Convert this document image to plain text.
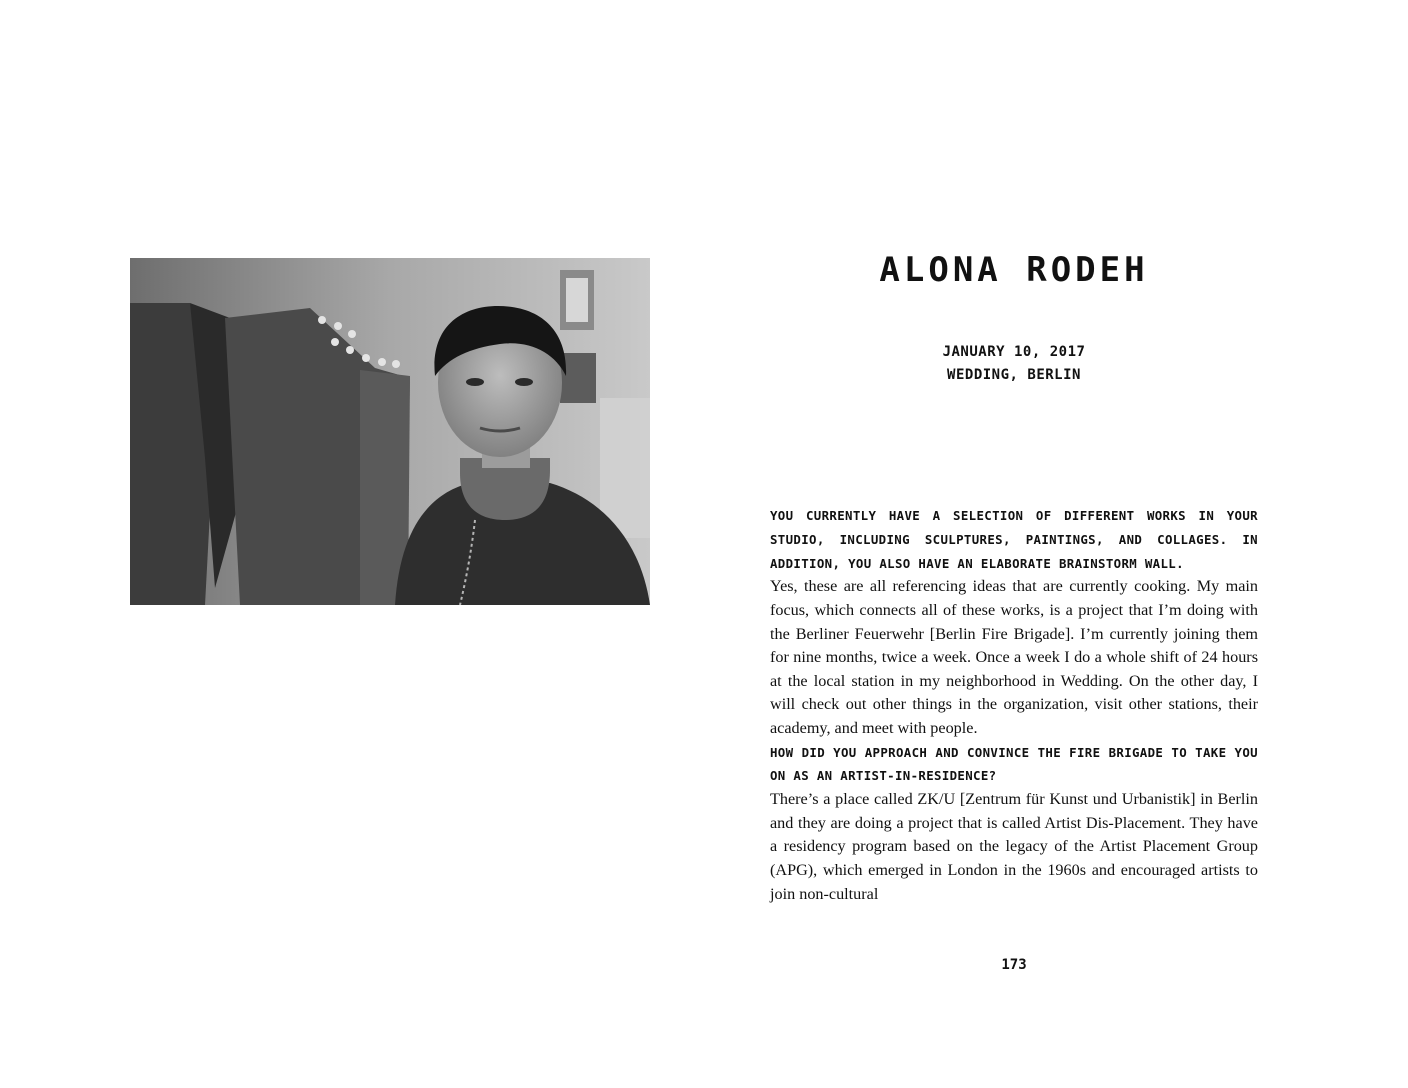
ALONA RODEH
JANUARY 10, 2017
WEDDING, BERLIN

YOU CURRENTLY HAVE A SELECTION OF DIFFERENT WORKS IN YOUR STUDIO, INCLUDING SCULPTURES, PAINTINGS, AND COLLAGES. IN ADDITION, YOU ALSO HAVE AN ELABORATE BRAINSTORM WALL.

Yes, these are all referencing ideas that are currently cooking. My main focus, which connects all of these works, is a project that I’m doing with the Berliner Feuerwehr [Berlin Fire Brigade]. I’m currently joining them for nine months, twice a week. Once a week I do a whole shift of 24 hours at the local station in my neighborhood in Wedding. On the other day, I will check out other things in the organization, visit other stations, their academy, and meet with people.

HOW DID YOU APPROACH AND CONVINCE THE FIRE BRIGADE TO TAKE YOU ON AS AN ARTIST-IN-RESIDENCE?

There’s a place called ZK/U [Zentrum für Kunst und Urbanistik] in Berlin and they are doing a project that is called Artist Dis-Placement. They have a residency program based on the legacy of the Artist Placement Group (APG), which emerged in London in the 1960s and encouraged artists to join non-cultural

173
